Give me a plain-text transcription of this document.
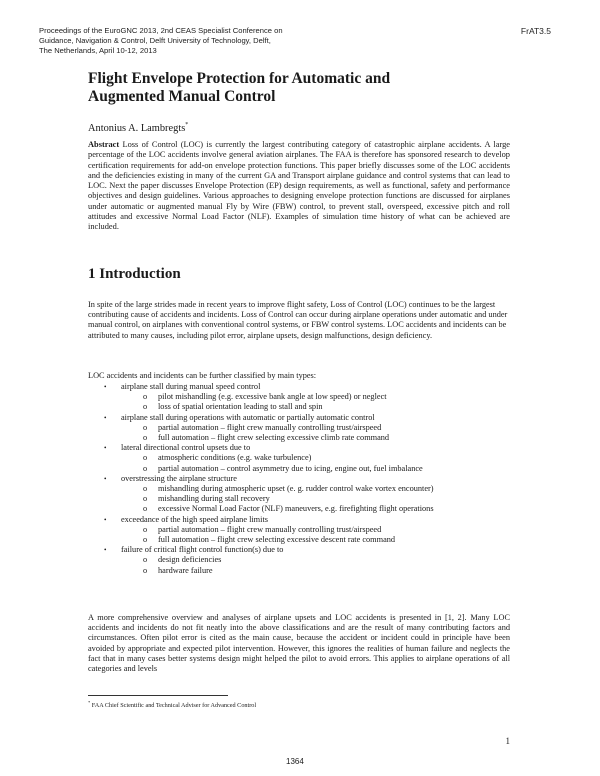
Proceedings of the EuroGNC 2013, 2nd CEAS Specialist Conference on
Guidance, Navigation & Control, Delft University of Technology, Delft,
The Netherlands, April 10-12, 2013
FrAT3.5
Flight Envelope Protection for Automatic and
Augmented Manual Control
Antonius A. Lambregts*

Abstract Loss of Control (LOC) is currently the largest contributing category of catastrophic airplane accidents. A large percentage of the LOC accidents involve general aviation airplanes. The FAA is therefore has sponsored research to develop certification requirements for add-on envelope protection functions. This paper briefly discusses some of the LOC accidents and the deficiencies existing in many of the current GA and Transport airplane guidance and control systems that can lead to LOC. Next the paper discusses Envelope Protection (EP) design requirements, as well as functional, safety and performance objectives and design guidelines. Various approaches to designing envelope protection functions are discussed for airplanes under automatic or augmented manual Fly by Wire (FBW) control, to prevent stall, overspeed, excessive pitch and roll attitudes and excessive Normal Load Factor (NLF). Examples of simulation time history of what can be achieved are included.

1 Introduction

In spite of the large strides made in recent years to improve flight safety, Loss of Control (LOC) continues to be the largest contributing cause of accidents and incidents. Loss of Control can occur during airplane operations under automatic and under manual control, on airplanes with conventional control systems, or FBW control systems. LOC accidents and incidents can be attributed to many causes, including pilot error, airplane upsets, design malfunctions, design deficiency.

LOC accidents and incidents can be further classified by main types:

• airplane stall during manual speed control
o pilot mishandling (e.g. excessive bank angle at low speed) or neglect
o loss of spatial orientation leading to stall and spin
• airplane stall during operations with automatic or partially automatic control
o partial automation – flight crew manually controlling trust/airspeed
o full automation – flight crew selecting excessive climb rate command
• lateral directional control upsets due to
o atmospheric conditions (e.g. wake turbulence)
o partial automation – control asymmetry due to icing, engine out, fuel imbalance
• overstressing the airplane structure
o mishandling during atmospheric upset (e. g. rudder control wake vortex encounter)
o mishandling during stall recovery
o excessive Normal Load Factor (NLF) maneuvers, e.g. firefighting flight operations
• exceedance of the high speed airplane limits
o partial automation – flight crew manually controlling trust/airspeed
o full automation – flight crew selecting excessive descent rate command
• failure of critical flight control function(s) due to
o design deficiencies
o hardware failure

A more comprehensive overview and analyses of airplane upsets and LOC accidents is presented in [1, 2]. Many LOC accidents and incidents do not fit neatly into the above classifications and are the result of many contributing factors and circumstances. Often pilot error is cited as the main cause, because the accident or incident could in principle have been avoided by appropriate and expected pilot intervention. However, this ignores the realities of human failure and neglects the fact that in many cases better systems design might helped the pilot to avoid errors. This applies to airplane operations of all categories and levels

* FAA Chief Scientific and Technical Adviser for Advanced Control
1
1364
